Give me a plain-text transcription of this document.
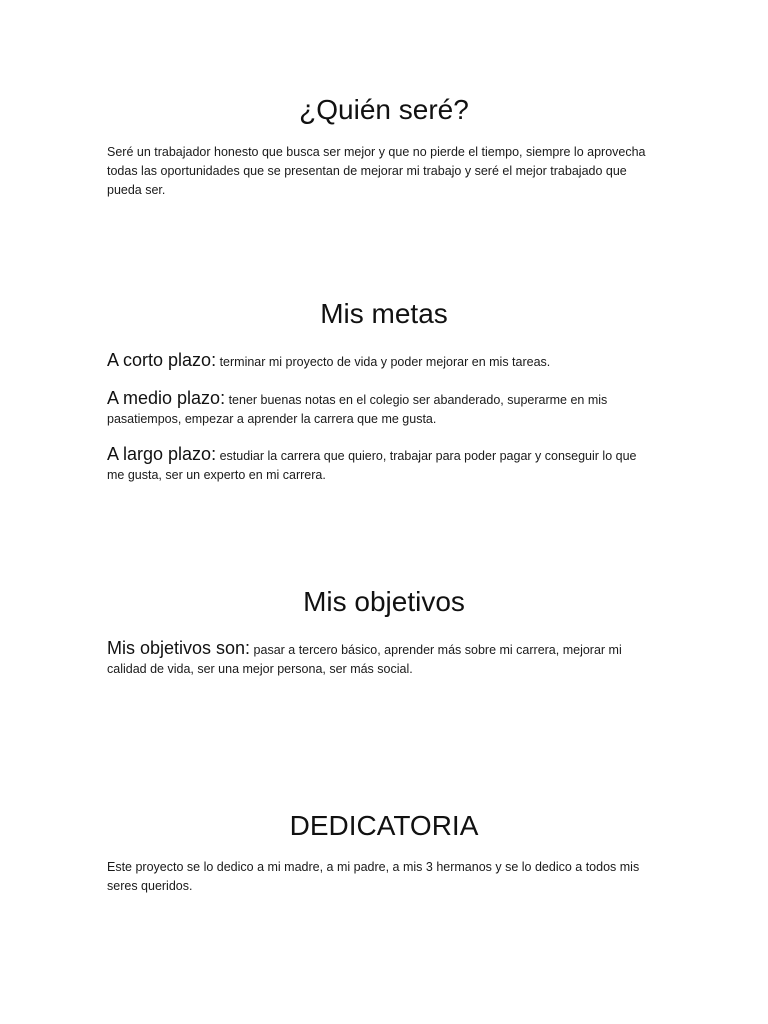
¿Quién seré?

Seré un trabajador honesto que busca ser mejor y que no pierde el tiempo, siempre lo aprovecha todas las oportunidades que se presentan de mejorar mi trabajo y seré el mejor trabajado que pueda ser.

Mis metas

A corto plazo: terminar mi proyecto de vida y poder mejorar en mis tareas.

A medio plazo: tener buenas notas en el colegio ser abanderado, superarme en mis pasatiempos, empezar a aprender la carrera que me gusta.

A largo plazo: estudiar la carrera que quiero, trabajar para poder pagar y conseguir lo que me gusta, ser un experto en mi carrera.

Mis objetivos

Mis objetivos son: pasar a tercero básico, aprender más sobre mi carrera, mejorar mi calidad de vida, ser una mejor persona, ser más social.

DEDICATORIA

Este proyecto se lo dedico a mi madre, a mi padre, a mis 3 hermanos y se lo dedico a todos mis seres queridos.
